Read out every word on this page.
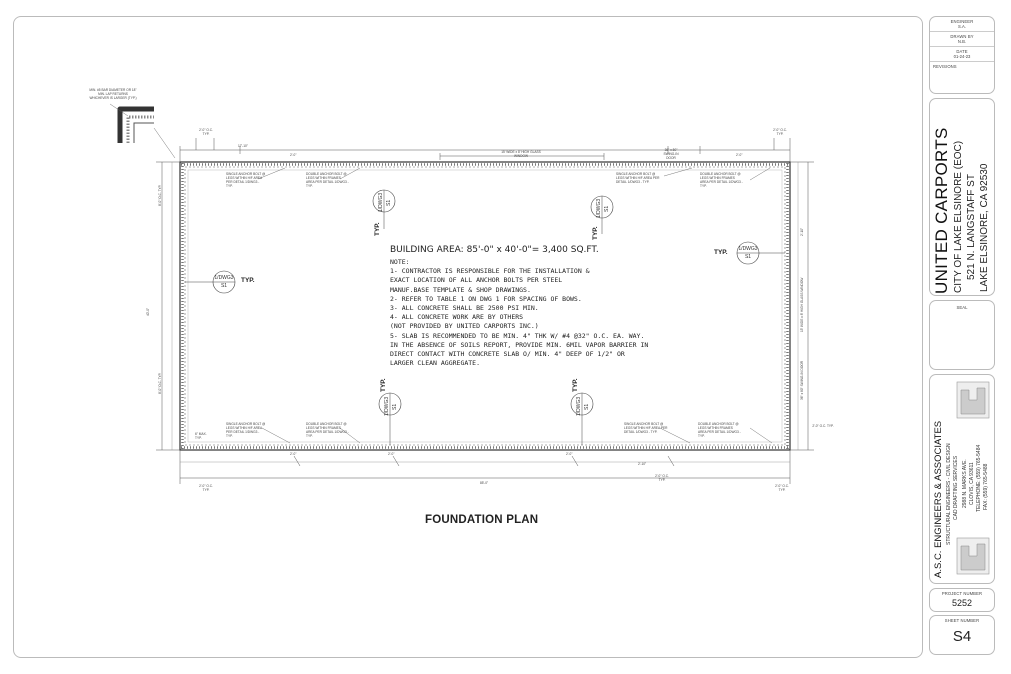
MIN. #5 BAR DIAMETER OR 18" MIN. LAP RETURNS WHICHEVER IS LARGER (TYP.)
2'-0" O.C. TYP.
17'-10"
2'-0"
15' WIDE x 8' HIGH GLASS WINDOW
36" x 80" SWING-IN DOOR
2'-0"
2'-0" O.C. TYP.
SINGLE ANCHOR BOLT @ LEGS WITHIN H/F AREA PER DETAIL 1/DWG3 - TYP.
DOUBLE ANCHOR BOLT @ LEGS WITHIN FRAMES AREA PER DETAIL 1/DWG3 - TYP.
SINGLE ANCHOR BOLT @ LEGS WITHIN H/F AREA PER DETAIL 1/DWG3 - TYP.
DOUBLE ANCHOR BOLT @ LEGS WITHIN FRAMES AREA PER DETAIL 1/DWG3 - TYP.
SINGLE ANCHOR BOLT @ LEGS WITHIN H/F AREA PER DETAIL 1/DWG3 - TYP.
DOUBLE ANCHOR BOLT @ LEGS WITHIN FRAMES AREA PER DETAIL 1/DWG3 - TYP.
SINGLE ANCHOR BOLT @ LEGS WITHIN H/F AREA PER DETAIL 1/DWG3 - TYP.
DOUBLE ANCHOR BOLT @ LEGS WITHIN FRAMES AREA PER DETAIL 1/DWG3 - TYP.
6" MAX. TYP.
2'-0"	2'-0"	2'-0"
2'-10"
85'-0"
2'-0" O.C. TYP.
2'-0" O.C. TYP.
2'-0" O.C. TYP.
2'-0" O.C. TYP.
40'-0"
8'-0" O.C. TYP.
8'-0" O.C. TYP.
2'-10"
15' WIDE x 8' HIGH GLASS WINDOW
36" x 80" SWING-IN DOOR
1/DWG3 S1
TYP.
1/DWG3 S1
TYP.
1/DWG3
S1
TYP.
1/DWG3
S1
TYP.
1/DWG3 S1
TYP.
1/DWG3 S1
TYP.
BUILDING AREA: 85'-0" x 40'-0"= 3,400 SQ.FT.
NOTE:
1- CONTRACTOR IS RESPONSIBLE FOR THE INSTALLATION &
EXACT LOCATION OF ALL ANCHOR BOLTS PER STEEL
MANUF.BASE TEMPLATE & SHOP DRAWINGS.
2- REFER TO TABLE 1 ON DWG 1 FOR SPACING OF BOWS.
3- ALL CONCRETE SHALL BE 2500 PSI MIN.
4- ALL CONCRETE WORK ARE BY OTHERS
(NOT PROVIDED BY UNITED CARPORTS INC.)
5- SLAB IS RECOMMENDED TO BE MIN. 4" THK W/ #4 @32" O.C. EA. WAY.
IN THE ABSENCE OF SOILS REPORT, PROVIDE MIN. 6MIL VAPOR BARRIER IN
DIRECT CONTACT WITH CONCRETE SLAB O/ MIN. 4" DEEP OF 1/2" OR
LARGER CLEAN AGGREGATE.
FOUNDATION PLAN
ENGINEER
S.A.
DRAWN BY
N.B.
DATE
01-24-23
REVISIONS
UNITED CARPORTS CITY OF LAKE ELSINORE (EOC) 521 N. LANGSTAFF ST LAKE ELSINORE, CA 92530
SEAL
A.S.C. ENGINEERS & ASSOCIATES STRUCTURAL ENGINEERS - CIVIL DESIGN CAD DRAFTING SERVICES 2988 N. MARKS AVE. CLOVIS, CA 93611 TELEPHONE: (559) 765-5484 FAX: (559) 765-5488
PROJECT NUMBER
5252
SHEET NUMBER
S4
